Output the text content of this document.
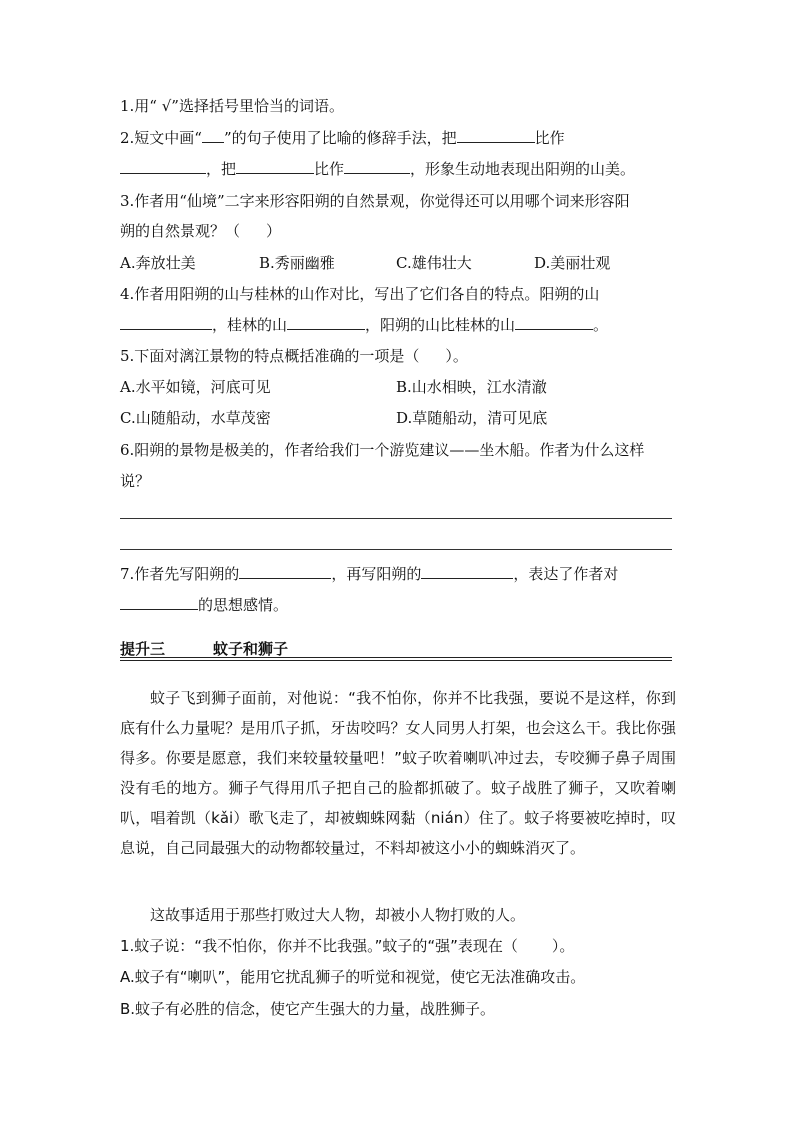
1.用“ √”选择括号里恰当的词语。
2.短文中画“ ”的句子使用了比喻的修辞手法，把	比作
，把	比作	，形象生动地表现出阳朔的山美。
3.作者用“仙境”二字来形容阳朔的自然景观，你觉得还可以用哪个词来形容阳
朔的自然景观？（ ）
A.奔放壮美	B.秀丽幽雅	C.雄伟壮大	D.美丽壮观
4.作者用阳朔的山与桂林的山作对比，写出了它们各自的特点。阳朔的山
，桂林的山	，阳朔的山比桂林的山	。
5.下面对漓江景物的特点概括准确的一项是（ ）。
A.水平如镜，河底可见	B.山水相映，江水清澈
C.山随船动，水草茂密	D.草随船动，清可见底
6.阳朔的景物是极美的，作者给我们一个游览建议——坐木船。作者为什么这样
说？
7.作者先写阳朔的	，再写阳朔的	，表达了作者对
的思想感情。
提升三	蚊子和狮子

蚊子飞到狮子面前，对他说：“我不怕你，你并不比我强，要说不是这样，你到底有什么力量呢？是用爪子抓，牙齿咬吗？女人同男人打架，也会这么干。我比你强得多。你要是愿意，我们来较量较量吧！”蚊子吹着喇叭冲过去，专咬狮子鼻子周围没有毛的地方。狮子气得用爪子把自己的脸都抓破了。蚊子战胜了狮子，又吹着喇叭，唱着凯（kǎi）歌飞走了，却被蜘蛛网黏（nián）住了。蚊子将要被吃掉时，叹息说，自己同最强大的动物都较量过，不料却被这小小的蜘蛛消灭了。

这故事适用于那些打败过大人物，却被小人物打败的人。

1.蚊子说：“我不怕你，你并不比我强。”蚊子的“强”表现在（ ）。
A.蚊子有“喇叭”，能用它扰乱狮子的听觉和视觉，使它无法准确攻击。
B.蚊子有必胜的信念，使它产生强大的力量，战胜狮子。
